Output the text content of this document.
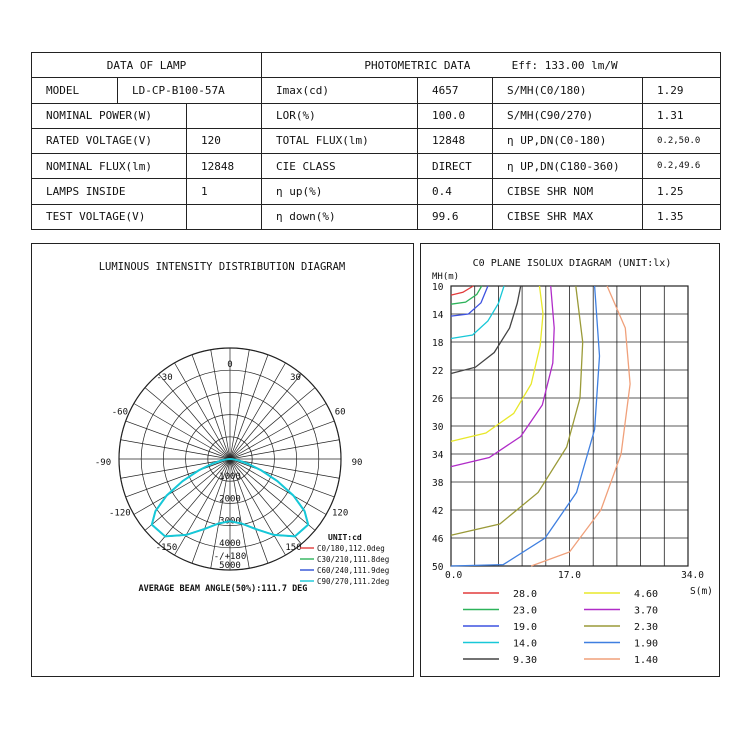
DATA OF LAMP			PHOTOMETRIC DATA Eff: 133.00 lm/W			
MODEL	LD-CP-B100-57A		Imax(cd)	4657	S/MH(C0/180)	1.29
NOMINAL POWER(W)			LOR(%)	100.0	S/MH(C90/270)	1.31
RATED VOLTAGE(V)		120	TOTAL FLUX(lm)	12848	η UP,DN(C0-180)	0.2,50.0
NOMINAL FLUX(lm)		12848	CIE CLASS	DIRECT	η UP,DN(C180-360)	0.2,49.6
LAMPS INSIDE		1	η up(%)	0.4	CIBSE SHR NOM	1.25
TEST VOLTAGE(V)			η down(%)	99.6	CIBSE SHR MAX	1.35
LUMINOUS INTENSITY DISTRIBUTION DIAGRAM
AVERAGE BEAM ANGLE(50%):111.7 DEG
-/+180
-150	150
-120	120
-90	90
-60	60
-30	30
0
1000
2000
3000
4000
5000
UNIT:cd
C0/180,112.0deg
C30/210,111.8deg
C60/240,111.9deg
C90/270,111.2deg
C0 PLANE ISOLUX DIAGRAM (UNIT:lx)
MH(m)
S(m)
10
14
18
22
26
30
34
38
42
46
50
0.0	17.0	34.0
28.0
23.0
19.0
14.0
9.30
4.60
3.70
2.30
1.90
1.40
